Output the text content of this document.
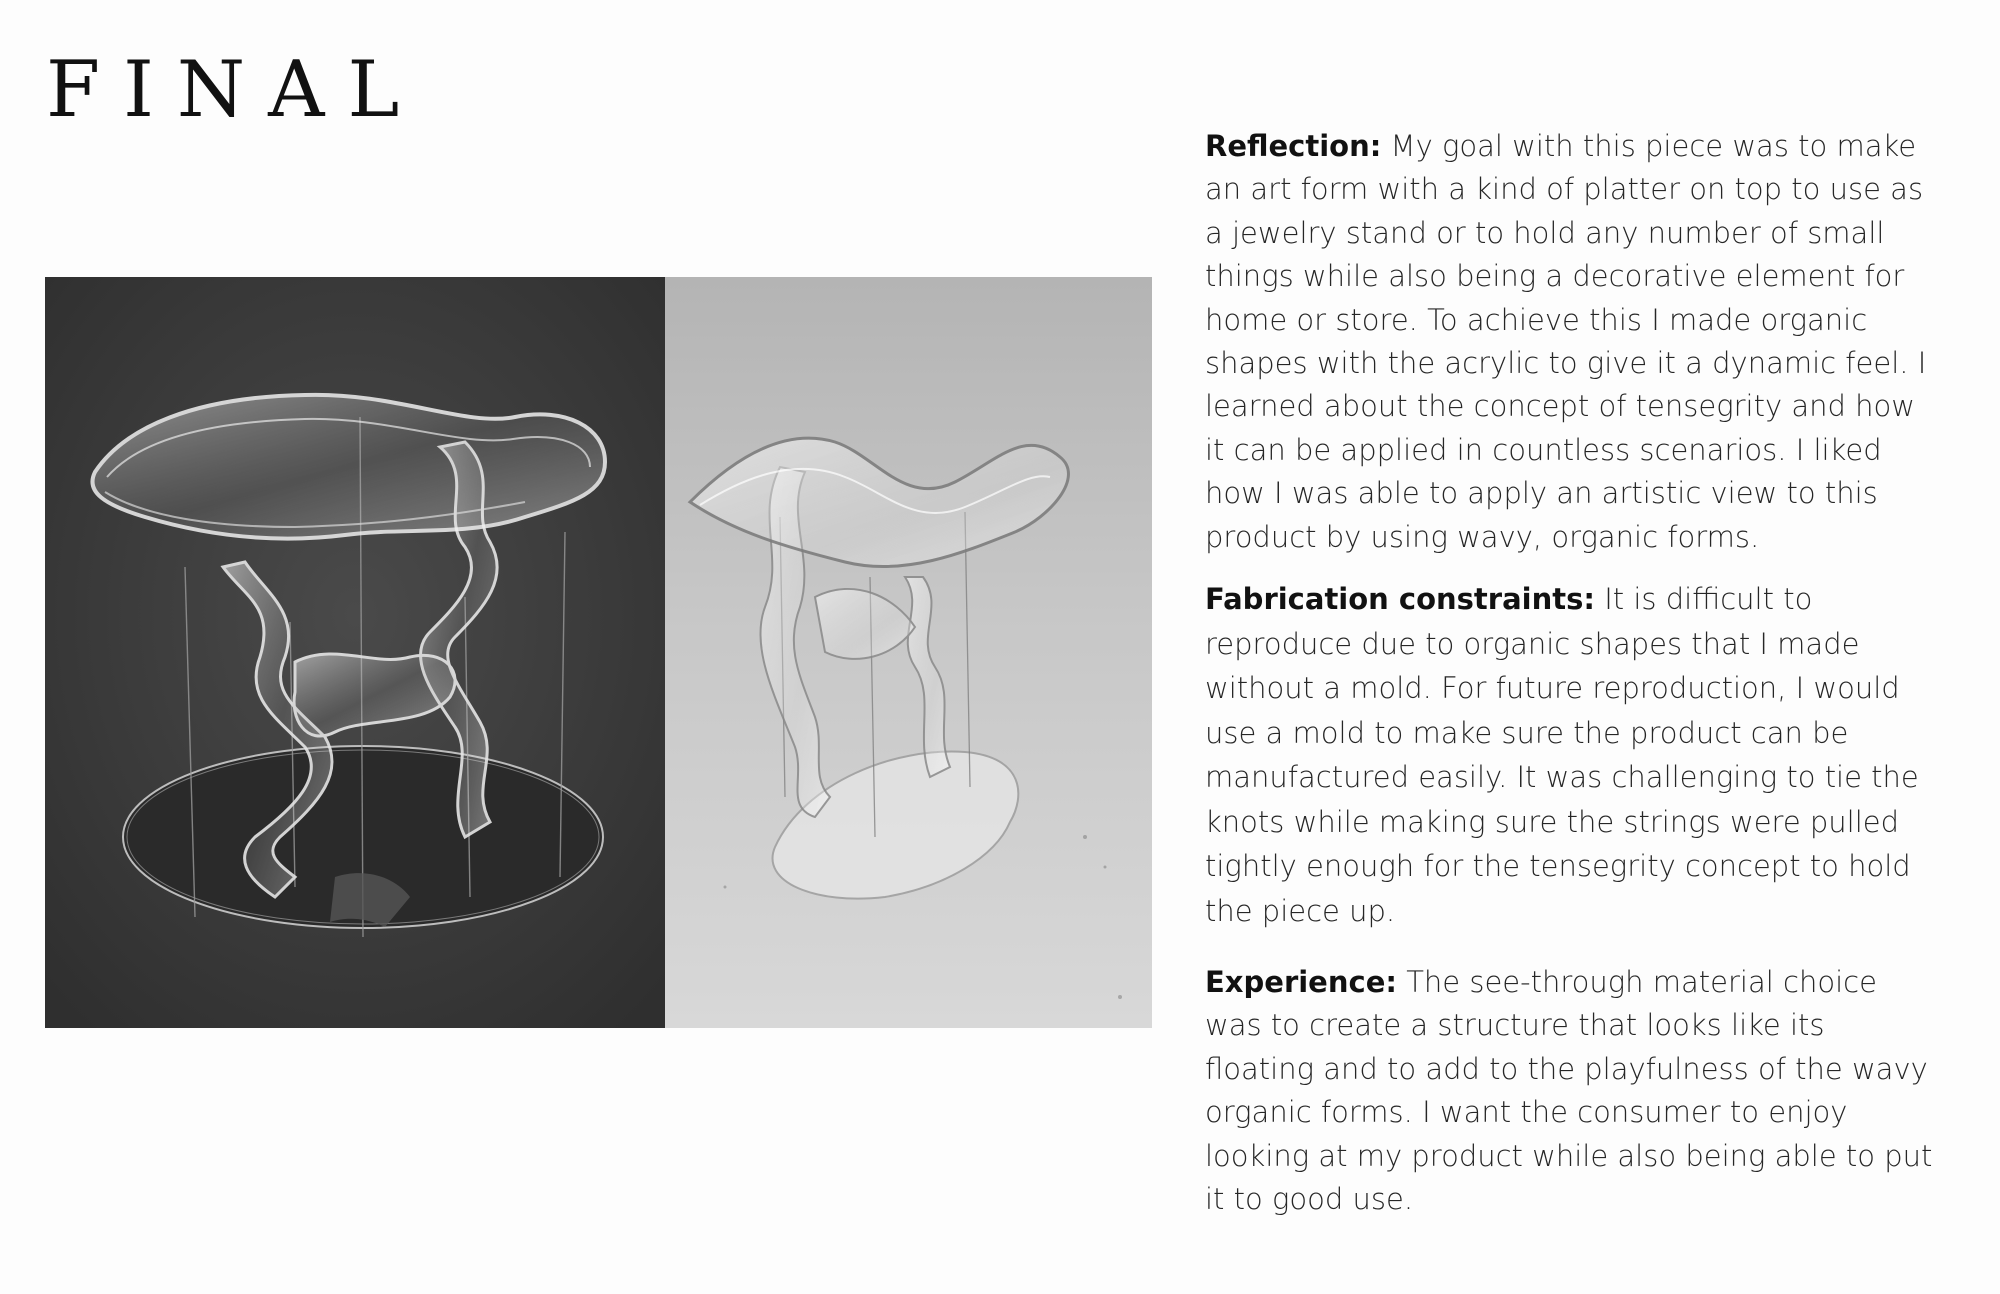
FINAL

Reflection: My goal with this piece was to make an art form with a kind of platter on top to use as a jewelry stand or to hold any number of small things while also being a decorative element for home or store. To achieve this I made organic shapes with the acrylic to give it a dynamic feel. I learned about the concept of tensegrity and how it can be applied in countless scenarios. I liked how I was able to apply an artistic view to this product by using wavy, organic forms.

Fabrication constraints: It is difficult to reproduce due to organic shapes that I made without a mold. For future reproduction, I would use a mold to make sure the product can be manufactured easily. It was challenging to tie the knots while making sure the strings were pulled tightly enough for the tensegrity concept to hold the piece up.

Experience: The see-through material choice was to create a structure that looks like its floating and to add to the playfulness of the wavy organic forms. I want the consumer to enjoy looking at my product while also being able to put it to good use.
